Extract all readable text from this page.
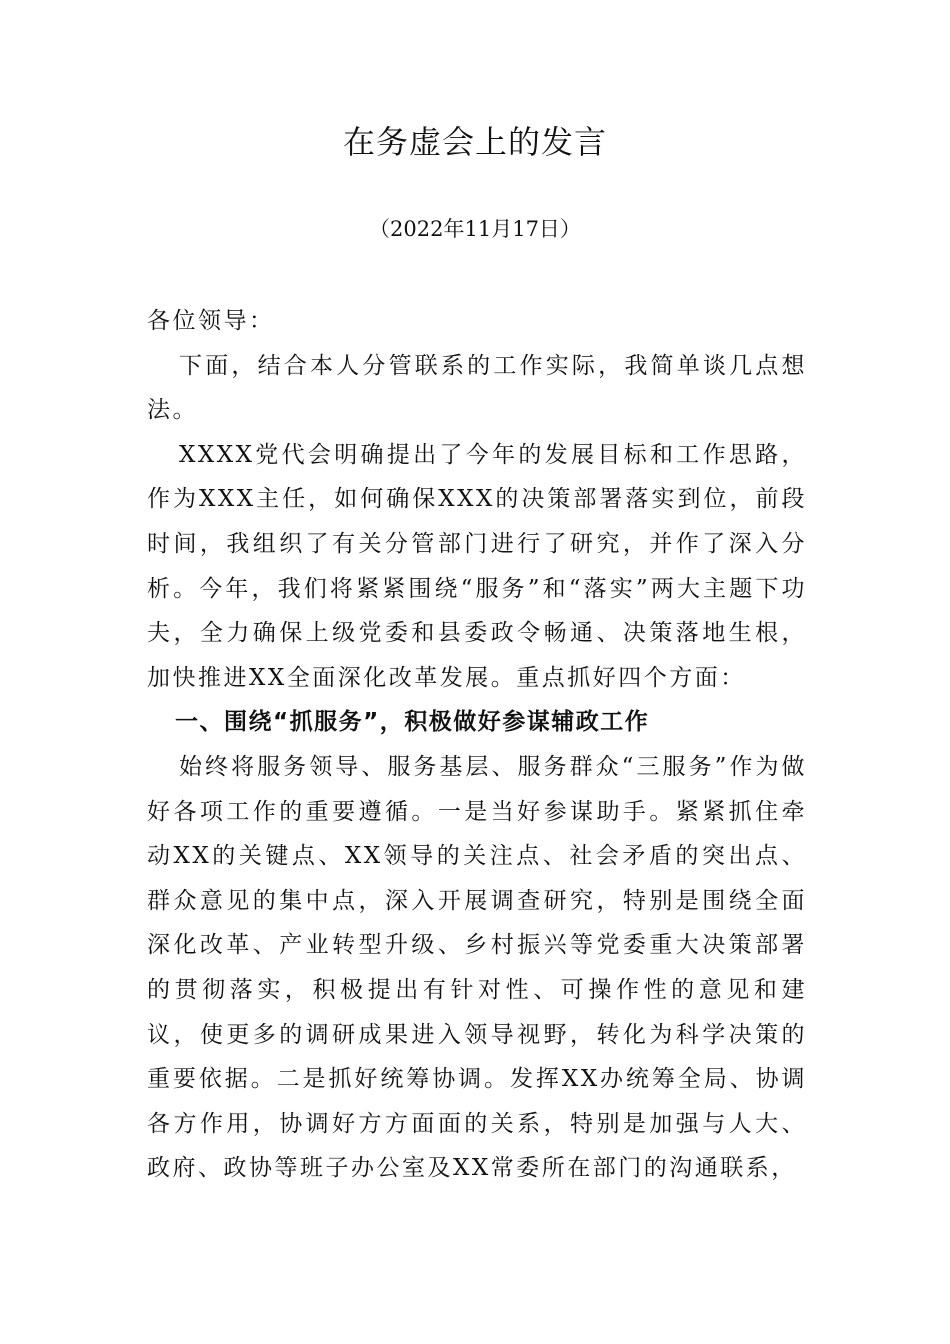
在务虚会上的发言
（2022年11月17日）

各位领导：

下面，结合本人分管联系的工作实际，我简单谈几点想法。

XXXX党代会明确提出了今年的发展目标和工作思路，作为XXX主任，如何确保XXX的决策部署落实到位，前段时间，我组织了有关分管部门进行了研究，并作了深入分析。今年，我们将紧紧围绕“服务”和“落实”两大主题下功夫，全力确保上级党委和县委政令畅通、决策落地生根，加快推进XX全面深化改革发展。重点抓好四个方面：

一、围绕“抓服务”，积极做好参谋辅政工作

始终将服务领导、服务基层、服务群众“三服务”作为做好各项工作的重要遵循。一是当好参谋助手。紧紧抓住牵动XX的关键点、XX领导的关注点、社会矛盾的突出点、群众意见的集中点，深入开展调查研究，特别是围绕全面深化改革、产业转型升级、乡村振兴等党委重大决策部署的贯彻落实，积极提出有针对性、可操作性的意见和建议，使更多的调研成果进入领导视野，转化为科学决策的重要依据。二是抓好统筹协调。发挥XX办统筹全局、协调各方作用，协调好方方面面的关系，特别是加强与人大、政府、政协等班子办公室及XX常委所在部门的沟通联系，
